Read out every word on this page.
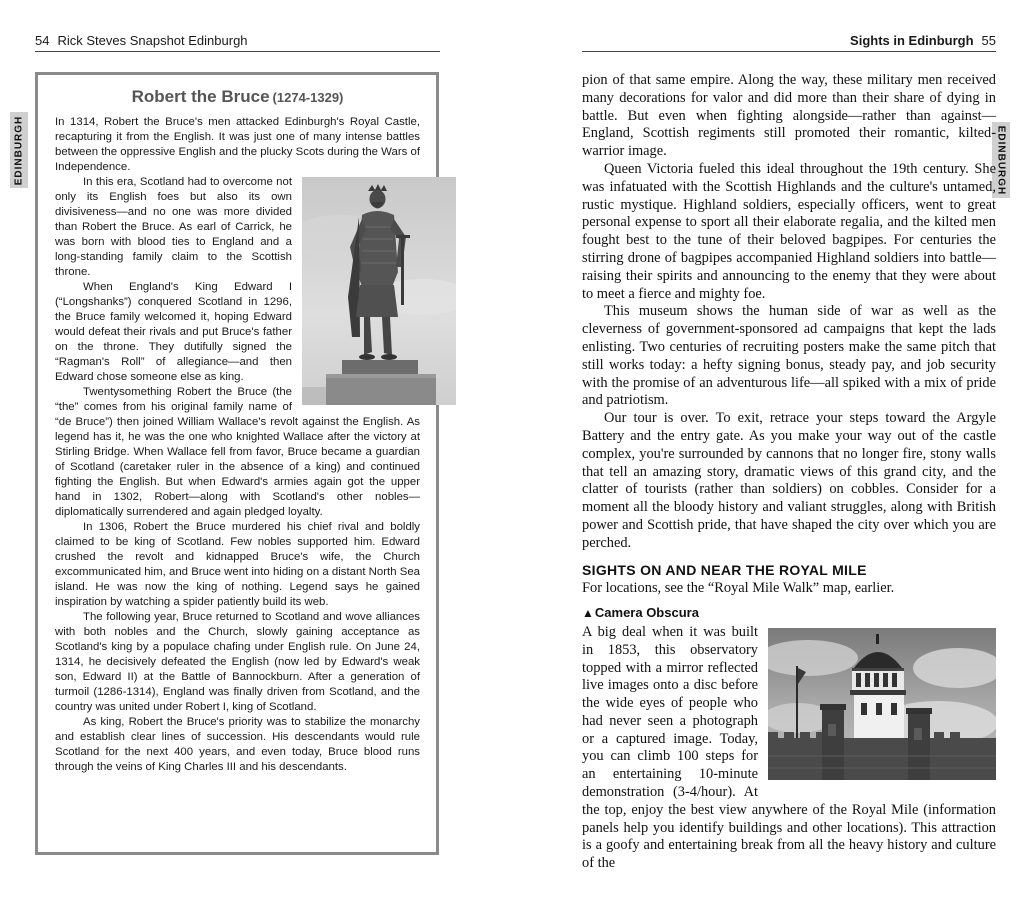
54 Rick Steves Snapshot Edinburgh
EDINBURGH
Robert the Bruce (1274-1329)

In 1314, Robert the Bruce's men attacked Edinburgh's Royal Castle, recapturing it from the English. It was just one of many intense battles between the oppressive English and the plucky Scots during the Wars of Independence.

In this era, Scotland had to overcome not only its English foes but also its own divisiveness—and no one was more divided than Robert the Bruce. As earl of Carrick, he was born with blood ties to England and a long-standing family claim to the Scottish throne.

When England's King Edward I (“Longshanks”) conquered Scotland in 1296, the Bruce family welcomed it, hoping Edward would defeat their rivals and put Bruce's father on the throne. They dutifully signed the “Ragman's Roll” of allegiance—and then Edward chose someone else as king.

Twentysomething Robert the Bruce (the “the” comes from his original family name of “de Bruce”) then joined William Wallace's revolt against the English. As legend has it, he was the one who knighted Wallace after the victory at Stirling Bridge. When Wallace fell from favor, Bruce became a guardian of Scotland (caretaker ruler in the absence of a king) and continued fighting the English. But when Edward's armies again got the upper hand in 1302, Robert—along with Scotland's other nobles—diplomatically surrendered and again pledged loyalty.

In 1306, Robert the Bruce murdered his chief rival and boldly claimed to be king of Scotland. Few nobles supported him. Edward crushed the revolt and kidnapped Bruce's wife, the Church excommunicated him, and Bruce went into hiding on a distant North Sea island. He was now the king of nothing. Legend says he gained inspiration by watching a spider patiently build its web.

The following year, Bruce returned to Scotland and wove alliances with both nobles and the Church, slowly gaining acceptance as Scotland's king by a populace chafing under English rule. On June 24, 1314, he decisively defeated the English (now led by Edward's weak son, Edward II) at the Battle of Bannockburn. After a generation of turmoil (1286-1314), England was finally driven from Scotland, and the country was united under Robert I, king of Scotland.

As king, Robert the Bruce's priority was to stabilize the monarchy and establish clear lines of succession. His descendants would rule Scotland for the next 400 years, and even today, Bruce blood runs through the veins of King Charles III and his descendants.

Sights in Edinburgh 55
EDINBURGH

pion of that same empire. Along the way, these military men received many decorations for valor and did more than their share of dying in battle. But even when fighting alongside—rather than against—England, Scottish regiments still promoted their romantic, kilted-warrior image.

Queen Victoria fueled this ideal throughout the 19th century. She was infatuated with the Scottish Highlands and the culture's untamed, rustic mystique. Highland soldiers, especially officers, went to great personal expense to sport all their elaborate regalia, and the kilted men fought best to the tune of their beloved bagpipes. For centuries the stirring drone of bagpipes accompanied Highland soldiers into battle—raising their spirits and announcing to the enemy that they were about to meet a fierce and mighty foe.

This museum shows the human side of war as well as the cleverness of government-sponsored ad campaigns that kept the lads enlisting. Two centuries of recruiting posters make the same pitch that still works today: a hefty signing bonus, steady pay, and job security with the promise of an adventurous life—all spiked with a mix of pride and patriotism.

Our tour is over. To exit, retrace your steps toward the Argyle Battery and the entry gate. As you make your way out of the castle complex, you're surrounded by cannons that no longer fire, stony walls that tell an amazing story, dramatic views of this grand city, and the clatter of tourists (rather than soldiers) on cobbles. Consider for a moment all the bloody history and valiant struggles, along with British power and Scottish pride, that have shaped the city over which you are perched.

SIGHTS ON AND NEAR THE ROYAL MILE

For locations, see the “Royal Mile Walk” map, earlier.

▲Camera Obscura

A big deal when it was built in 1853, this observatory topped with a mirror reflected live images onto a disc before the wide eyes of people who had never seen a photograph or a captured image. Today, you can climb 100 steps for an entertaining 10-minute demonstration (3-4/hour). At the top, enjoy the best view anywhere of the Royal Mile (information panels help you identify buildings and other locations). This attraction is a goofy and entertaining break from all the heavy history and culture of the
